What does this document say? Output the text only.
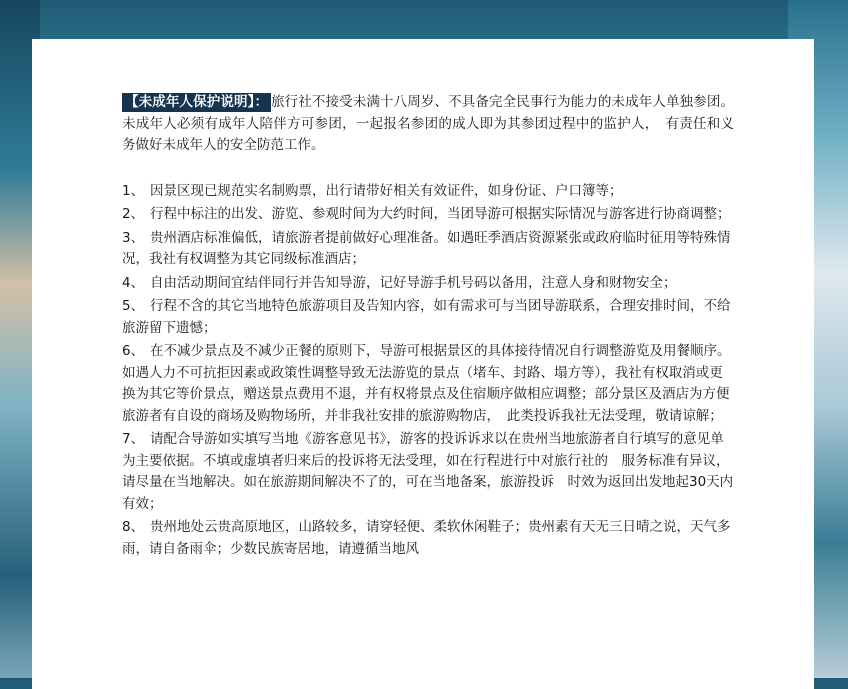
【未成年人保护说明】： 旅行社不接受未满十八周岁、不具备完全民事行为能力的未成年人单独参团。未成年人必须有成年人陪伴方可参团，一起报名参团的成人即为其参团过程中的监护人，　有责任和义务做好未成年人的安全防范工作。

1、 因景区现已规范实名制购票，出行请带好相关有效证件，如身份证、户口簿等；
2、 行程中标注的出发、游览、参观时间为大约时间，当团导游可根据实际情况与游客进行协商调整；
3、 贵州酒店标准偏低，请旅游者提前做好心理准备。如遇旺季酒店资源紧张或政府临时征用等特殊情况，我社有权调整为其它同级标准酒店；
4、 自由活动期间宜结伴同行并告知导游，记好导游手机号码以备用，注意人身和财物安全；
5、 行程不含的其它当地特色旅游项目及告知内容，如有需求可与当团导游联系，合理安排时间，不给旅游留下遗憾；
6、 在不减少景点及不减少正餐的原则下，导游可根据景区的具体接待情况自行调整游览及用餐顺序。如遇人力不可抗拒因素或政策性调整导致无法游览的景点（堵车、封路、塌方等），我社有权取消或更换为其它等价景点，赠送景点费用不退，并有权将景点及住宿顺序做相应调整；部分景区及酒店为方便旅游者有自设的商场及购物场所，并非我社安排的旅游购物店，　此类投诉我社无法受理，敬请谅解；
7、 请配合导游如实填写当地《游客意见书》，游客的投诉诉求以在贵州当地旅游者自行填写的意见单为主要依据。不填或虚填者归来后的投诉将无法受理，如在行程进行中对旅行社的　服务标准有异议，请尽量在当地解决。如在旅游期间解决不了的，可在当地备案，旅游投诉　时效为返回出发地起30天内有效；
8、 贵州地处云贵高原地区，山路较多，请穿轻便、柔软休闲鞋子；贵州素有天无三日晴之说，天气多雨，请自备雨伞；少数民族寄居地，请遵循当地风
